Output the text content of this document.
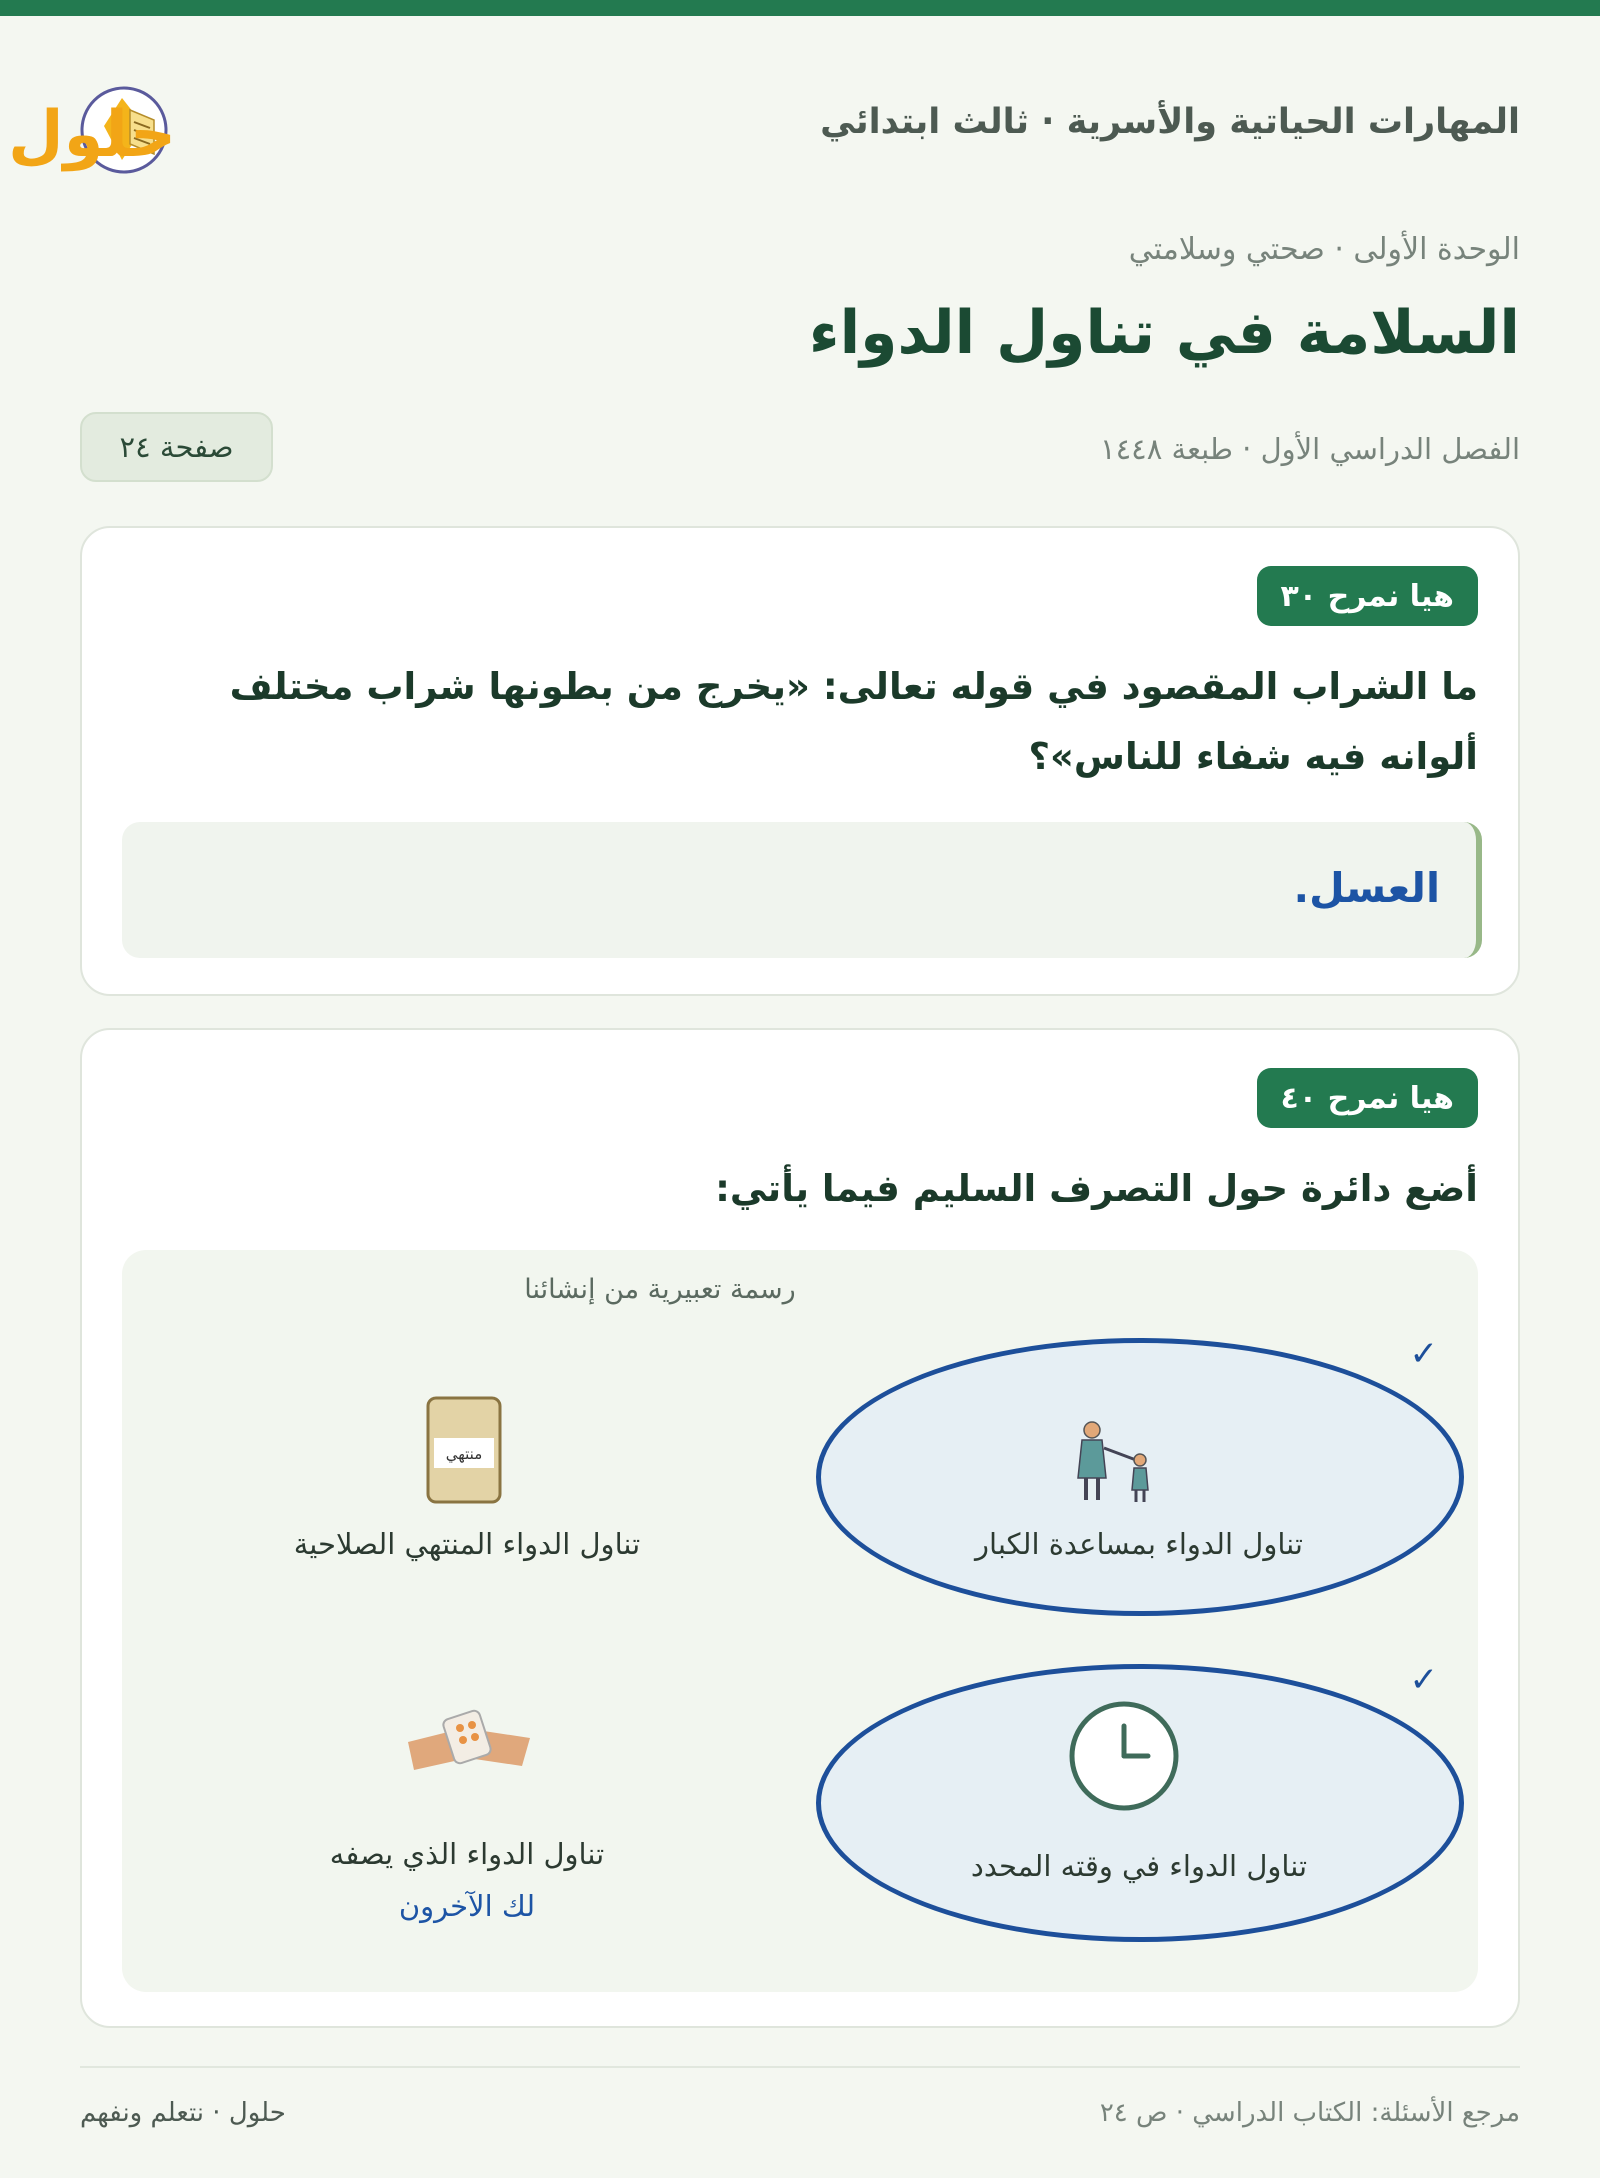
المهارات الحياتية والأسرية · ثالث ابتدائي
حلول
الوحدة الأولى · صحتي وسلامتي
السلامة في تناول الدواء
الفصل الدراسي الأول · طبعة ١٤٤٨
صفحة ٢٤
هيا نمرح ٣٠
ما الشراب المقصود في قوله تعالى: «يخرج من بطونها شراب مختلف ألوانه فيه شفاء للناس»؟
العسل.
هيا نمرح ٤٠
أضع دائرة حول التصرف السليم فيما يأتي:
رسمة تعبيرية من إنشائنا
✓
تناول الدواء بمساعدة الكبار
منتهي
تناول الدواء المنتهي الصلاحية
✓
تناول الدواء في وقته المحدد
تناول الدواء الذي يصفه
لك الآخرون
حلول · نتعلم ونفهم	مرجع الأسئلة: الكتاب الدراسي · ص ٢٤
